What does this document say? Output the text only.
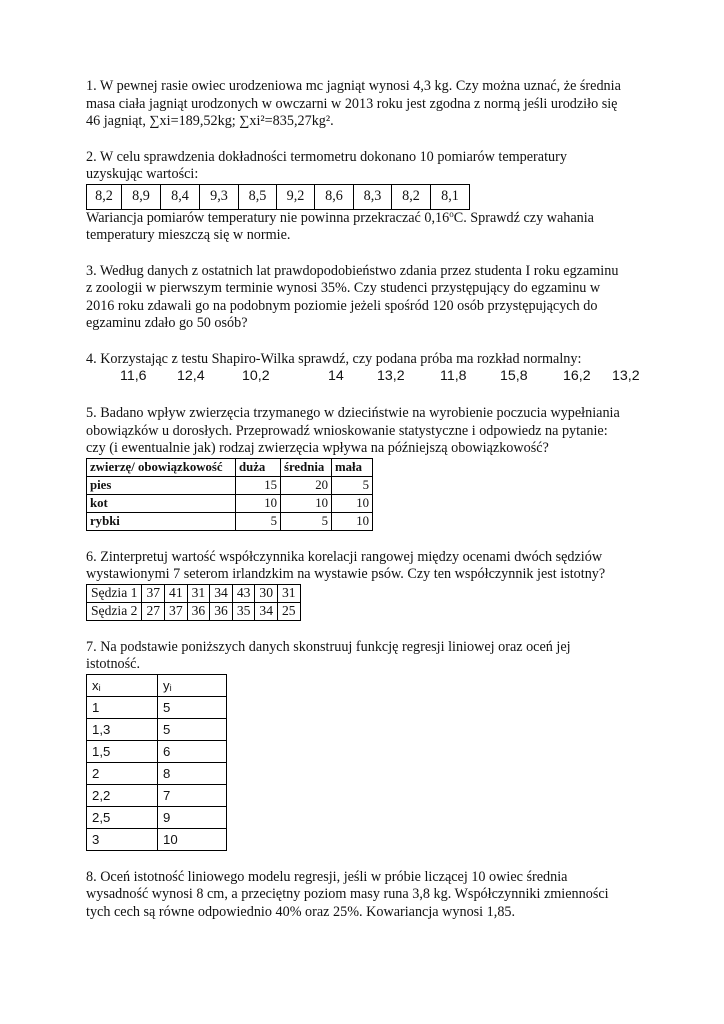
1. W pewnej rasie owiec urodzeniowa mc jagniąt wynosi 4,3 kg. Czy można uznać, że średnia

masa ciała jagniąt urodzonych w owczarni w 2013 roku jest zgodna z normą jeśli urodziło się

46 jagniąt, ∑xi=189,52kg; ∑xi²=835,27kg².

2. W celu sprawdzenia dokładności termometru dokonano 10 pomiarów temperatury

uzyskując wartości:

8,2	8,9	8,4	9,3	8,5	9,2	8,6	8,3	8,2	8,1

Wariancja pomiarów temperatury nie powinna przekraczać 0,16$^o$C. Sprawdź czy wahania

temperatury mieszczą się w normie.

3. Według danych z ostatnich lat prawdopodobieństwo zdania przez studenta I roku egzaminu

z zoologii w pierwszym terminie wynosi 35%. Czy studenci przystępujący do egzaminu w

2016 roku zdawali go na podobnym poziomie jeżeli spośród 120 osób przystępujących do

egzaminu zdało go 50 osób?

4. Korzystając z testu Shapiro-Wilka sprawdź, czy podana próba ma rozkład normalny:

11,6 12,4	10,2	14 13,2 11,8 15,8 16,2 13,2

5. Badano wpływ zwierzęcia trzymanego w dzieciństwie na wyrobienie poczucia wypełniania

obowiązków u dorosłych. Przeprowadź wnioskowanie statystyczne i odpowiedz na pytanie:

czy (i ewentualnie jak) rodzaj zwierzęcia wpływa na późniejszą obowiązkowość?

zwierzę/ obowiązkowość	duża	średnia	mała
pies	15	20	5
kot	10	10	10
rybki	5	5	10

6. Zinterpretuj wartość współczynnika korelacji rangowej między ocenami dwóch sędziów

wystawionymi 7 seterom irlandzkim na wystawie psów. Czy ten współczynnik jest istotny?

Sędzia 1	37	41	31	34	43	30	31
Sędzia 2	27	37	36	36	35	34	25

7. Na podstawie poniższych danych skonstruuj funkcję regresji liniowej oraz oceń jej

istotność.

xᵢ	yᵢ
1	5
1,3	5
1,5	6
2	8
2,2	7
2,5	9
3	10

8. Oceń istotność liniowego modelu regresji, jeśli w próbie liczącej 10 owiec średnia

wysadność wynosi 8 cm, a przeciętny poziom masy runa 3,8 kg. Współczynniki zmienności

tych cech są równe odpowiednio 40% oraz 25%. Kowariancja wynosi 1,85.
